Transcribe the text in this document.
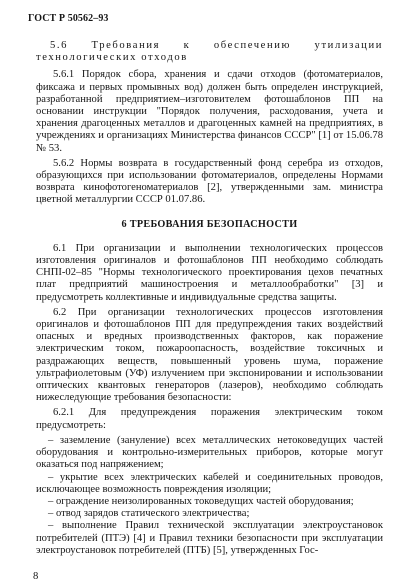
ГОСТ Р 50562–93

5.6 Требования к обеспечению утилизации технологических отходов

5.6.1 Порядок сбора, хранения и сдачи отходов (фотоматериалов, фиксажа и первых промывных вод) должен быть определен инструкцией, разработанной предприятием–изготовителем фотошаблонов ПП на основании инструкции "Порядок получения, расходования, учета и хранения драгоценных металлов и драгоценных камней на предприятиях, в учреждениях и организациях Министерства финансов СССР" [1] от 15.06.78 № 53.

5.6.2 Нормы возврата в государственный фонд серебра из отходов, образующихся при использовании фотоматериалов, определены Нормами возврата кинофотогеноматериалов [2], утвержденными зам. министра цветной металлургии СССР 01.07.86.

6 ТРЕБОВАНИЯ БЕЗОПАСНОСТИ

6.1 При организации и выполнении технологических процессов изготовления оригиналов и фотошаблонов ПП необходимо соблюдать СНПI-02–85 "Нормы технологического проектирования цехов печатных плат предприятий машиностроения и металлообработки" [3] и предусмотреть коллективные и индивидуальные средства защиты.

6.2 При организации технологических процессов изготовления оригиналов и фотошаблонов ПП для предупреждения таких воздействий опасных и вредных производственных факторов, как поражение электрическим током, пожароопасность, воздействие токсичных и раздражающих веществ, повышенный уровень шума, поражение ультрафиолетовым (УФ) излучением при экспонировании и использовании оптических квантовых генераторов (лазеров), необходимо соблюдать нижеследующие требования безопасности:

6.2.1 Для предупреждения поражения электрическим током предусмотреть:

– заземление (зануление) всех металлических нетоковедущих частей оборудования и контрольно-измерительных приборов, которые могут оказаться под напряжением;

– укрытие всех электрических кабелей и соединительных проводов, исключающее возможность повреждения изоляции;

– ограждение неизолированных токоведущих частей оборудования;

– отвод зарядов статического электричества;

– выполнение Правил технической эксплуатации электроустановок потребителей (ПТЭ) [4] и Правил техники безопасности при эксплуатации электроустановок потребителей (ПТБ) [5], утвержденных Гос-

8
